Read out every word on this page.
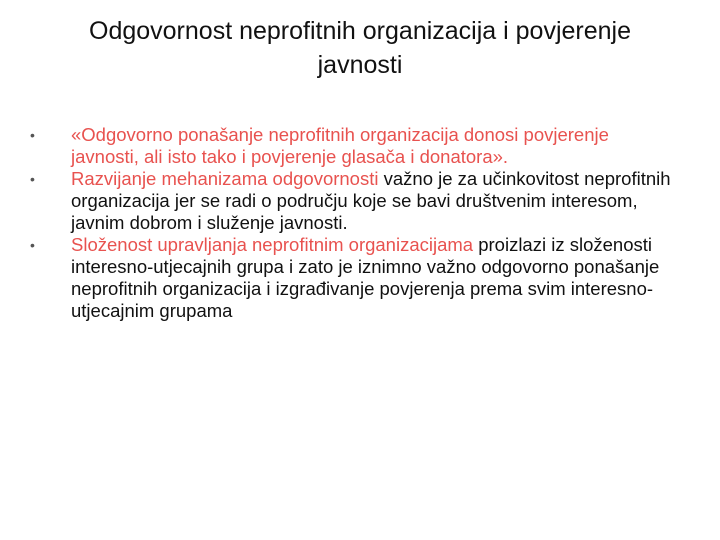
Odgovornost neprofitnih organizacija i povjerenje
javnosti
•	«Odgovorno ponašanje neprofitnih organizacija donosi povjerenje javnosti, ali isto tako i povjerenje glasača i donatora».
•	Razvijanje mehanizama odgovornosti važno je za učinkovitost neprofitnih organizacija jer se radi o području koje se bavi društvenim interesom, javnim dobrom i služenje javnosti.
•	Složenost upravljanja neprofitnim organizacijama proizlazi iz složenosti interesno-utjecajnih grupa i zato je iznimno važno odgovorno ponašanje neprofitnih organizacija i izgrađivanje povjerenja prema svim interesno-utjecajnim grupama
